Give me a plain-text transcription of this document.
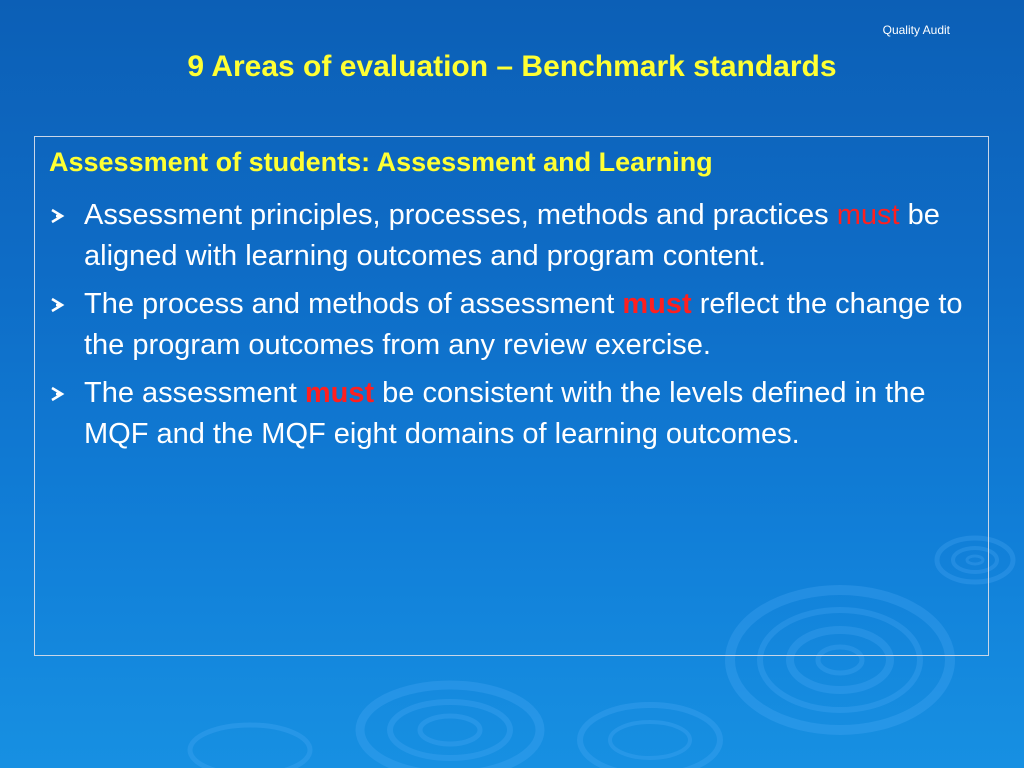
Quality Audit
9 Areas of evaluation – Benchmark standards
Assessment of students: Assessment and Learning
Assessment principles, processes, methods and practices must be aligned with learning outcomes and program content.
The process and methods of assessment must reflect the change to the program outcomes from any review exercise.
The assessment must be consistent with the levels defined in the MQF and the MQF eight domains of learning outcomes.
